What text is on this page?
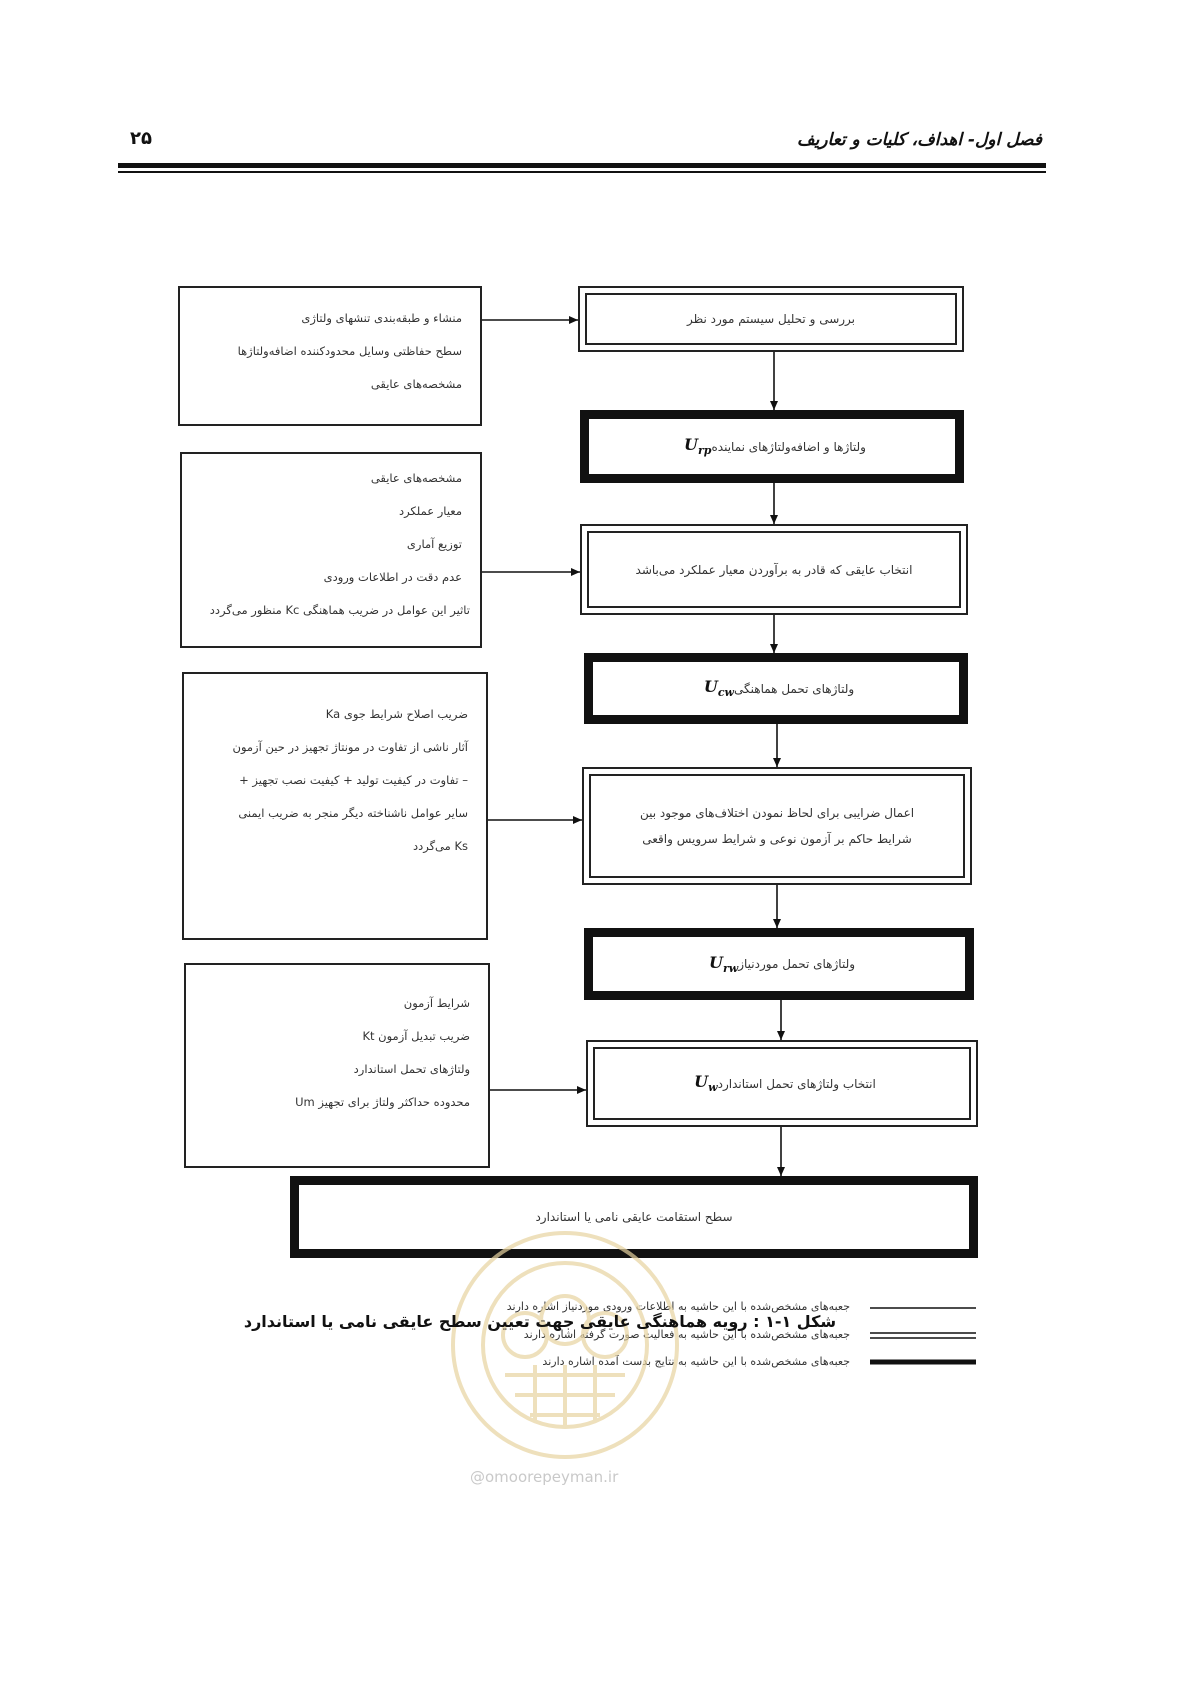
فصل اول- اهداف، کلیات و تعاریف
۲۵
منشاء و طبقه‌بندی تنشهای ولتاژی
سطح حفاظتی وسایل محدودکننده اضافه‌ولتاژها
مشخصه‌های عایقی
مشخصه‌های عایقی
معیار عملکرد
توزیع آماری
عدم دقت در اطلاعات ورودی
تاثیر این عوامل در ضریب هماهنگی Kc منظور می‌گردد
ضریب اصلاح شرایط جوی Ka
آثار ناشی از تفاوت در مونتاژ تجهیز در حین آزمون
– تفاوت در کیفیت تولید + کیفیت نصب تجهیز +
سایر عوامل ناشناخته دیگر منجر به ضریب ایمنی
Ks می‌گردد
شرایط آزمون
ضریب تبدیل آزمون Kt
ولتاژهای تحمل استاندارد
محدوده حداکثر ولتاژ برای تجهیز Um
بررسی و تحلیل سیستم مورد نظر
ولتاژها و اضافه‌ولتاژهای نماینده
$U_{rp}$
انتخاب عایقی که قادر به برآوردن معیار عملکرد می‌باشد
ولتاژهای تحمل هماهنگی
$U_{cw}$
اعمال ضرایبی برای لحاظ نمودن اختلاف‌های موجود بین
شرایط حاکم بر آزمون نوعی و شرایط سرویس واقعی
ولتاژهای تحمل موردنیاز
$U_{rw}$
انتخاب ولتاژهای تحمل استاندارد
$U_w$
سطح استقامت عایقی نامی یا استاندارد
جعبه‌های مشخص‌شده با این حاشیه به اطلاعات ورودی موردنیاز اشاره دارند
جعبه‌های مشخص‌شده با این حاشیه به فعالیت صورت گرفته اشاره دارند
جعبه‌های مشخص‌شده با این حاشیه به نتایج بدست آمده اشاره دارند
@omoorepeyman.ir
شکل ۱-۱ : رویه هماهنگی عایقی جهت تعیین سطح عایقی نامی یا استاندارد
